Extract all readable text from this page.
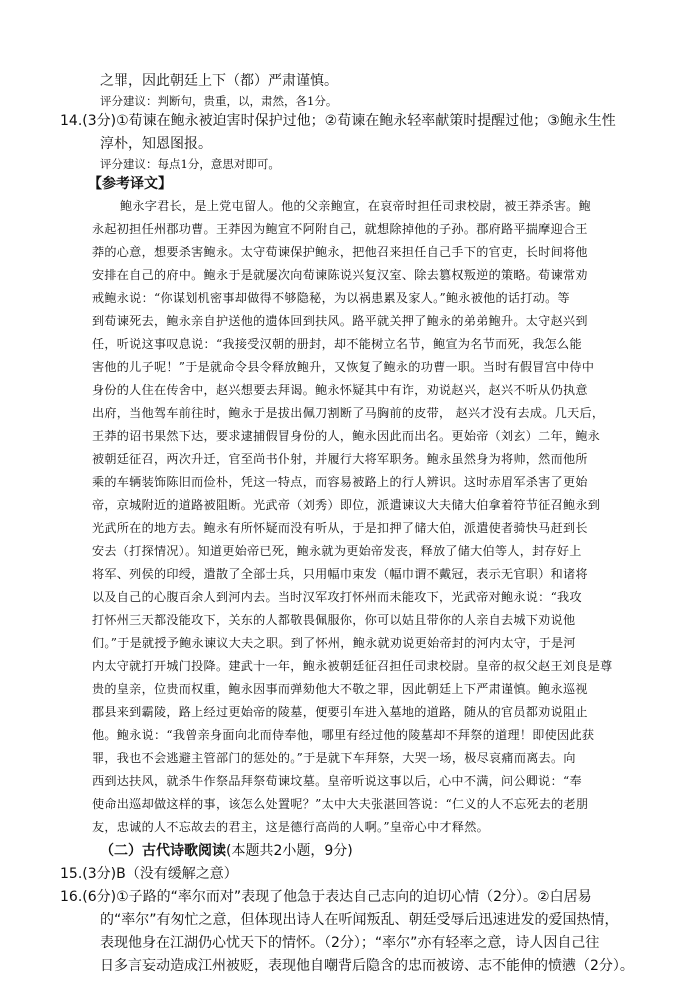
之罪，因此朝廷上下（都）严肃谨慎。
评分建议：判断句，贵重，以，肃然，各1分。
14.(3分)①荀谏在鲍永被迫害时保护过他；②荀谏在鲍永轻率献策时提醒过他；③鲍永生性
淳朴，知恩图报。
评分建议：每点1分，意思对即可。
【参考译文】
鲍永字君长，是上党屯留人。他的父亲鲍宣，在哀帝时担任司隶校尉，被王莽杀害。鲍
永起初担任州郡功曹。王莽因为鲍宣不阿附自己，就想除掉他的子孙。郡府路平揣摩迎合王
莽的心意，想要杀害鲍永。太守荀谏保护鲍永，把他召来担任自己手下的官吏，长时间将他
安排在自己的府中。鲍永于是就屡次向荀谏陈说兴复汉室、除去篡权叛逆的策略。荀谏常劝
戒鲍永说：“你谋划机密事却做得不够隐秘，为以祸患累及家人。”鲍永被他的话打动。等
到荀谏死去，鲍永亲自护送他的遗体回到扶风。路平就关押了鲍永的弟弟鲍升。太守赵兴到
任，听说这事叹息说：“我接受汉朝的册封，却不能树立名节，鲍宣为名节而死，我怎么能
害他的儿子呢！”于是就命令县令释放鲍升，又恢复了鲍永的功曹一职。当时有假冒宫中侍中
身份的人住在传舍中，赵兴想要去拜谒。鲍永怀疑其中有诈，劝说赵兴，赵兴不听从仍执意
出府，当他驾车前往时，鲍永于是拔出佩刀割断了马胸前的皮带， 赵兴才没有去成。几天后，
王莽的诏书果然下达，要求逮捕假冒身份的人，鲍永因此而出名。更始帝（刘玄）二年，鲍永
被朝廷征召，两次升迁，官至尚书仆射，并履行大将军职务。鲍永虽然身为将帅，然而他所
乘的车辆装饰陈旧而俭朴，凭这一特点，而容易被路上的行人辨识。这时赤眉军杀害了更始
帝，京城附近的道路被阻断。光武帝（刘秀）即位，派遣谏议大夫储大伯拿着符节征召鲍永到
光武所在的地方去。鲍永有所怀疑而没有听从，于是扣押了储大伯，派遣使者骑快马赶到长
安去（打探情况）。知道更始帝已死，鲍永就为更始帝发丧，释放了储大伯等人，封存好上
将军、列侯的印绶，遣散了全部士兵，只用幅巾束发（幅巾谓不戴冠，表示无官职）和诸将
以及自己的心腹百余人到河内去。当时汉军攻打怀州而未能攻下，光武帝对鲍永说：“我攻
打怀州三天都没能攻下，关东的人都敬畏佩服你，你可以姑且带你的人亲自去城下劝说他
们。”于是就授予鲍永谏议大夫之职。到了怀州，鲍永就劝说更始帝封的河内太守，于是河
内太守就打开城门投降。建武十一年，鲍永被朝廷征召担任司隶校尉。皇帝的叔父赵王刘良是尊
贵的皇亲，位贵而权重，鲍永因事而弹劾他大不敬之罪，因此朝廷上下严肃谨慎。鲍永巡视
郡县来到霸陵，路上经过更始帝的陵墓，便要引车进入墓地的道路，随从的官员都劝说阻止
他。鲍永说：“我曾亲身面向北而侍奉他，哪里有经过他的陵墓却不拜祭的道理！即使因此获
罪，我也不会逃避主管部门的惩处的。”于是就下车拜祭，大哭一场，极尽哀痛而离去。向
西到达扶风，就杀牛作祭品拜祭荀谏坟墓。皇帝听说这事以后，心中不满，问公卿说：“奉
使命出巡却做这样的事，该怎么处置呢？”太中大夫张湛回答说：“仁义的人不忘死去的老朋
友，忠诚的人不忘故去的君主，这是德行高尚的人啊。”皇帝心中才释然。
（二）古代诗歌阅读(本题共2小题，9分)
15.(3分)B（没有缓解之意）
16.(6分)①子路的“率尔而对”表现了他急于表达自己志向的迫切心情（2分）。②白居易
的“率尔”有匆忙之意，但体现出诗人在听闻叛乱、朝廷受辱后迅速进发的爱国热情，
表现他身在江湖仍心忧天下的情怀。（2分）；“率尔”亦有轻率之意，诗人因自己往
日多言妄动造成江州被贬，表现他自嘲背后隐含的忠而被谤、志不能伸的愤懑（2分）。
